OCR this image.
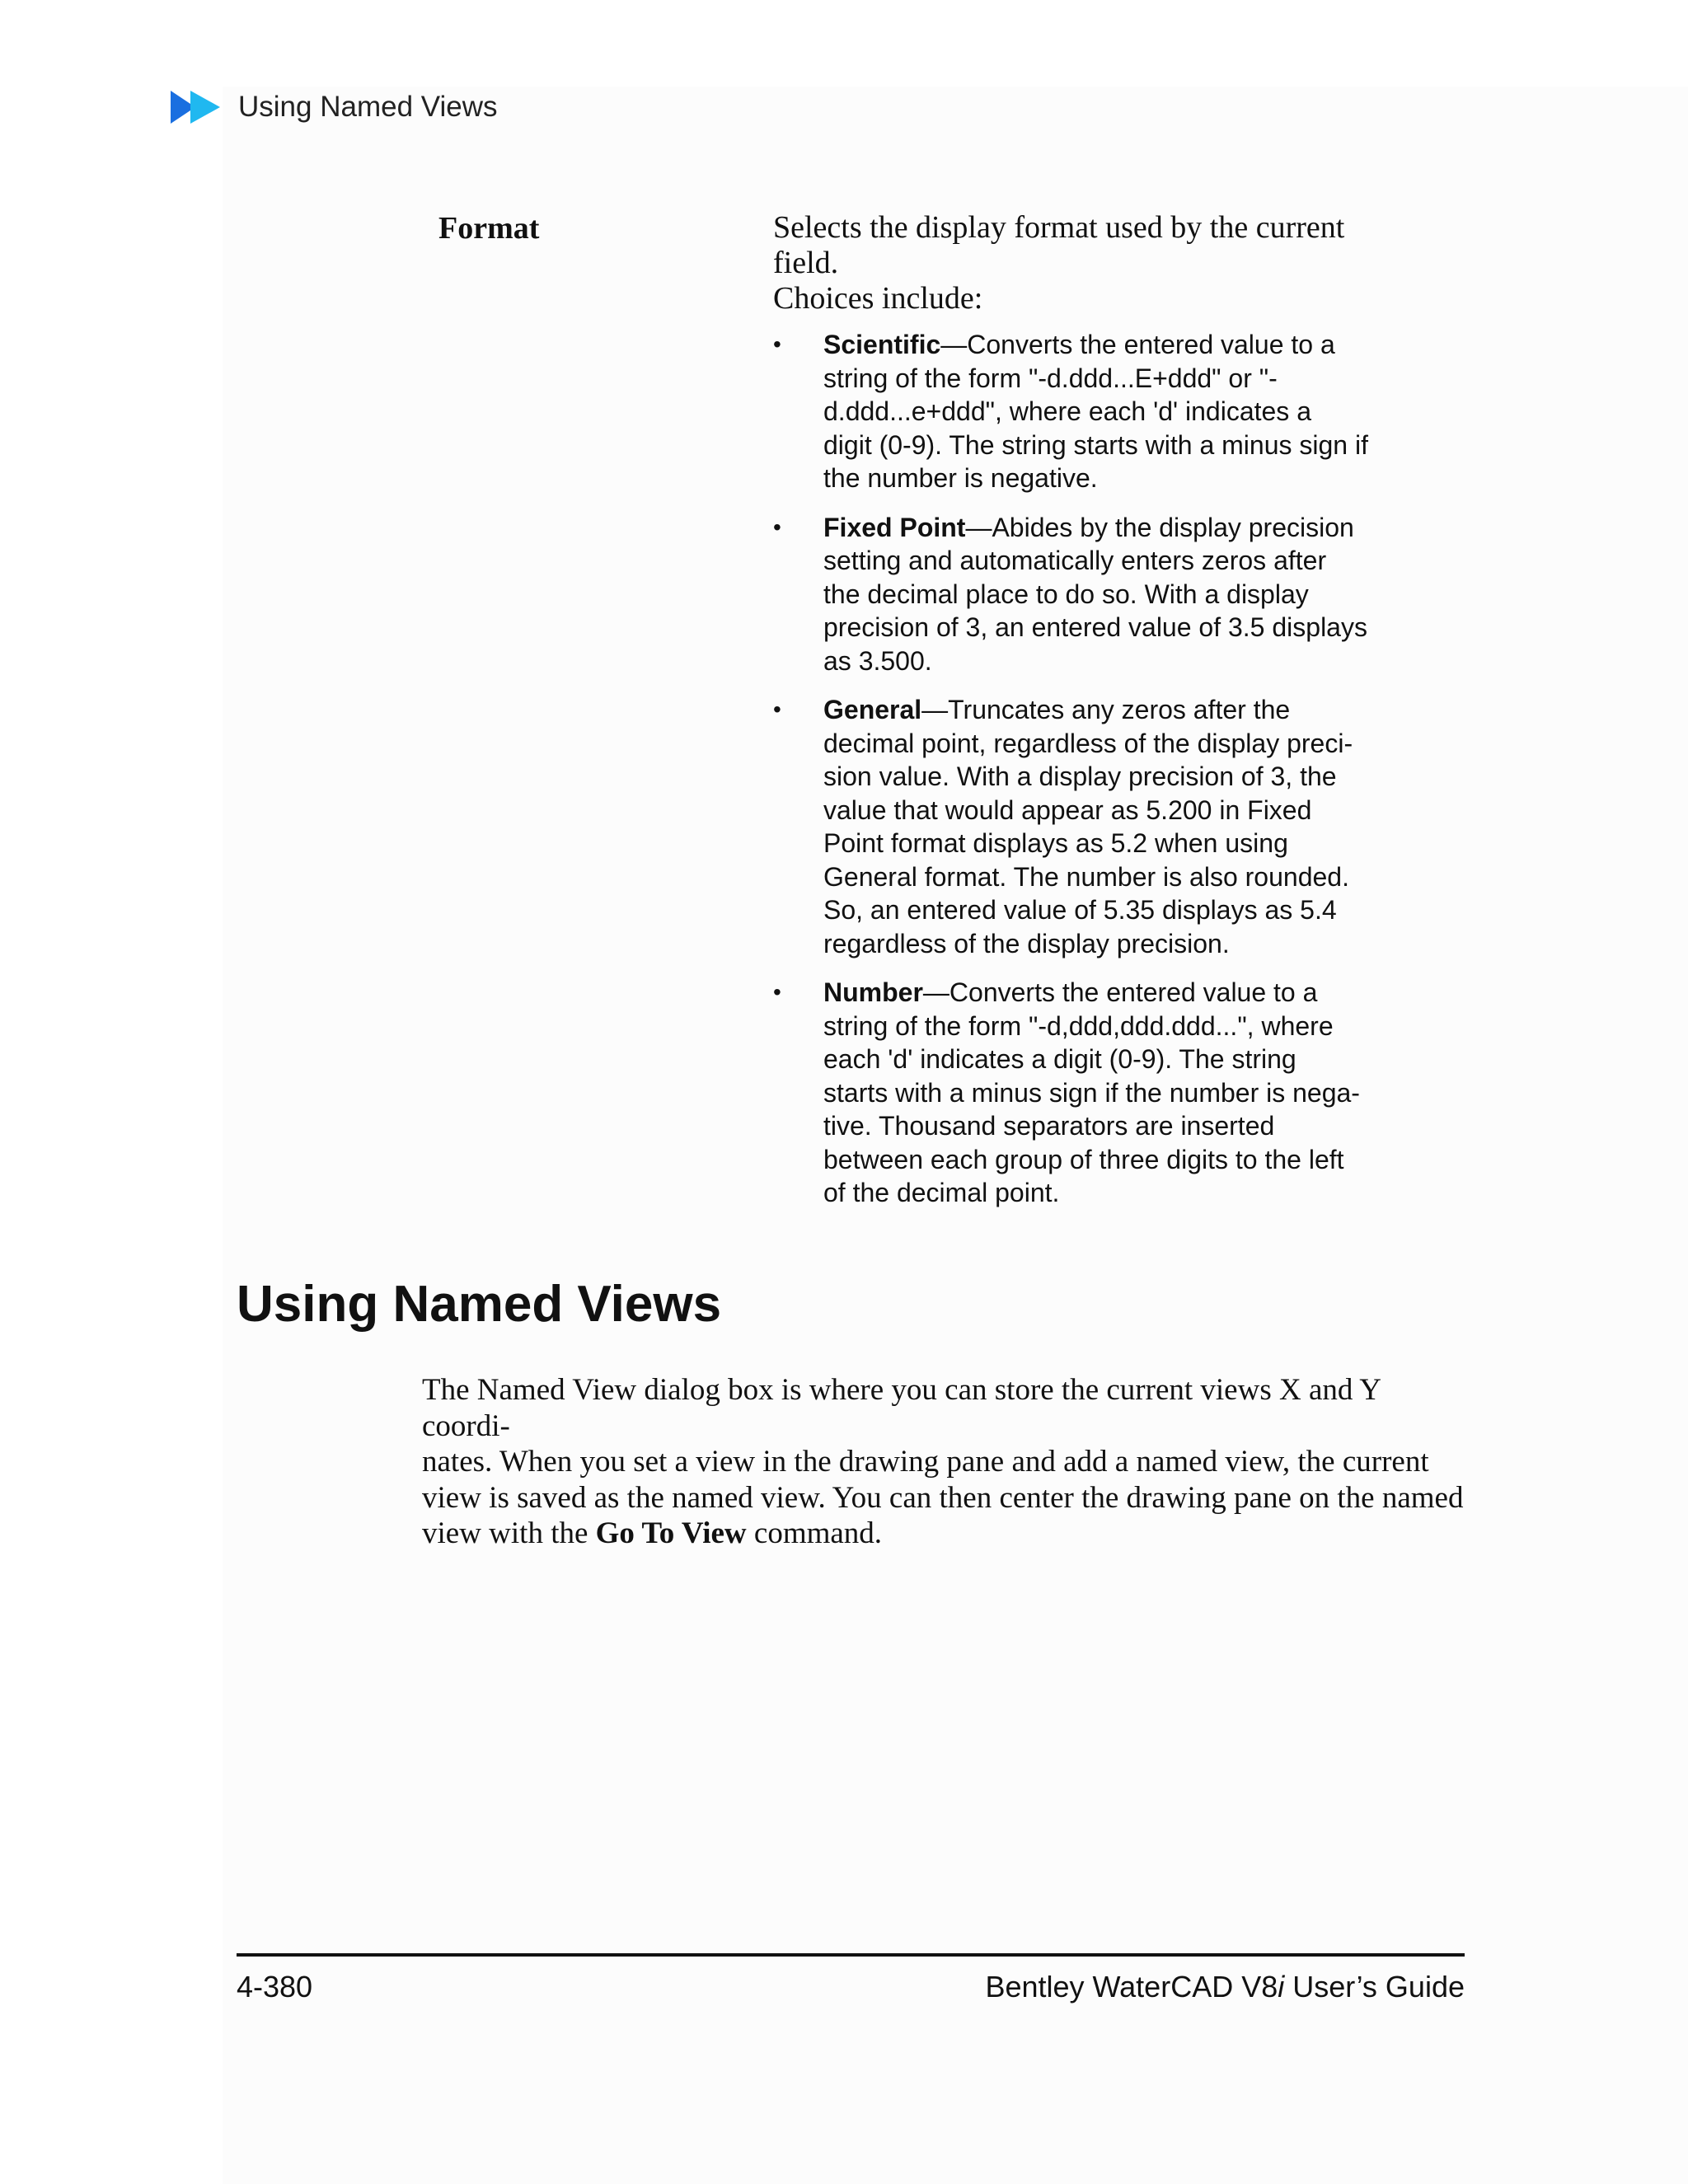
Using Named Views
Format	Selects the display format used by the current
field.
Choices include:

•	Scientific—Converts the entered value to a
string of the form "-d.ddd...E+ddd" or "-
d.ddd...e+ddd", where each 'd' indicates a
digit (0-9). The string starts with a minus sign if
the number is negative.
•	Fixed Point—Abides by the display precision
setting and automatically enters zeros after
the decimal place to do so. With a display
precision of 3, an entered value of 3.5 displays
as 3.500.
•	General—Truncates any zeros after the
decimal point, regardless of the display preci-
sion value. With a display precision of 3, the
value that would appear as 5.200 in Fixed
Point format displays as 5.2 when using
General format. The number is also rounded.
So, an entered value of 5.35 displays as 5.4
regardless of the display precision.
•	Number—Converts the entered value to a
string of the form "-d,ddd,ddd.ddd...", where
each 'd' indicates a digit (0-9). The string
starts with a minus sign if the number is nega-
tive. Thousand separators are inserted
between each group of three digits to the left
of the decimal point.
Using Named Views

The Named View dialog box is where you can store the current views X and Y coordi-
nates. When you set a view in the drawing pane and add a named view, the current
view is saved as the named view. You can then center the drawing pane on the named
view with the Go To View command.

4-380	Bentley WaterCAD V8i User’s Guide
